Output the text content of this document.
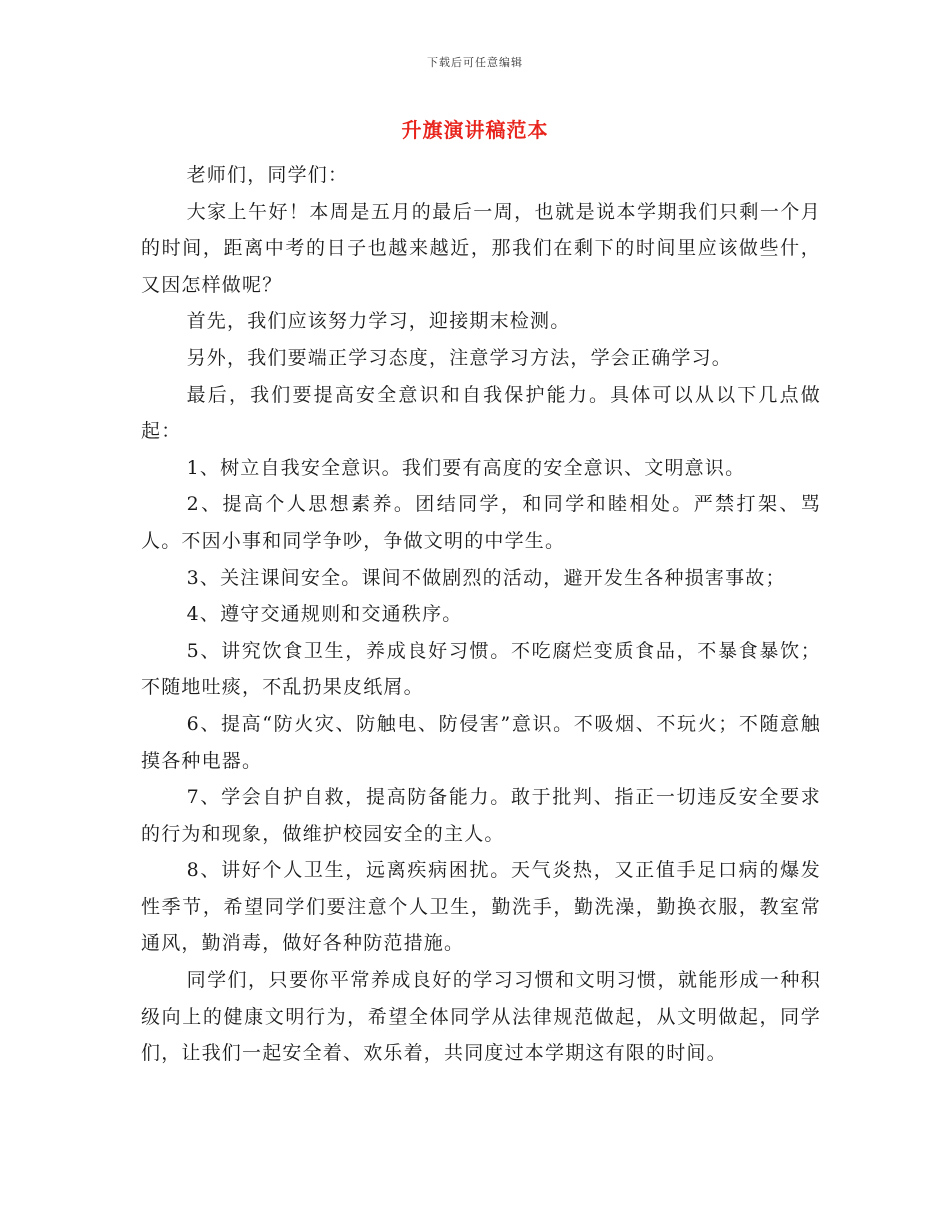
下载后可任意编辑
升旗演讲稿范本

老师们，同学们：

大家上午好！本周是五月的最后一周，也就是说本学期我们只剩一个月的时间，距离中考的日子也越来越近，那我们在剩下的时间里应该做些什，又因怎样做呢？

首先，我们应该努力学习，迎接期末检测。

另外，我们要端正学习态度，注意学习方法，学会正确学习。

最后，我们要提高安全意识和自我保护能力。具体可以从以下几点做起：

1、树立自我安全意识。我们要有高度的安全意识、文明意识。

2、提高个人思想素养。团结同学，和同学和睦相处。严禁打架、骂人。不因小事和同学争吵，争做文明的中学生。

3、关注课间安全。课间不做剧烈的活动，避开发生各种损害事故；

4、遵守交通规则和交通秩序。

5、讲究饮食卫生，养成良好习惯。不吃腐烂变质食品，不暴食暴饮；不随地吐痰，不乱扔果皮纸屑。

6、提高“防火灾、防触电、防侵害”意识。不吸烟、不玩火；不随意触摸各种电器。

7、学会自护自救，提高防备能力。敢于批判、指正一切违反安全要求的行为和现象，做维护校园安全的主人。

8、讲好个人卫生，远离疾病困扰。天气炎热，又正值手足口病的爆发性季节，希望同学们要注意个人卫生，勤洗手，勤洗澡，勤换衣服，教室常通风，勤消毒，做好各种防范措施。

同学们，只要你平常养成良好的学习习惯和文明习惯，就能形成一种积级向上的健康文明行为，希望全体同学从法律规范做起，从文明做起，同学们，让我们一起安全着、欢乐着，共同度过本学期这有限的时间。
